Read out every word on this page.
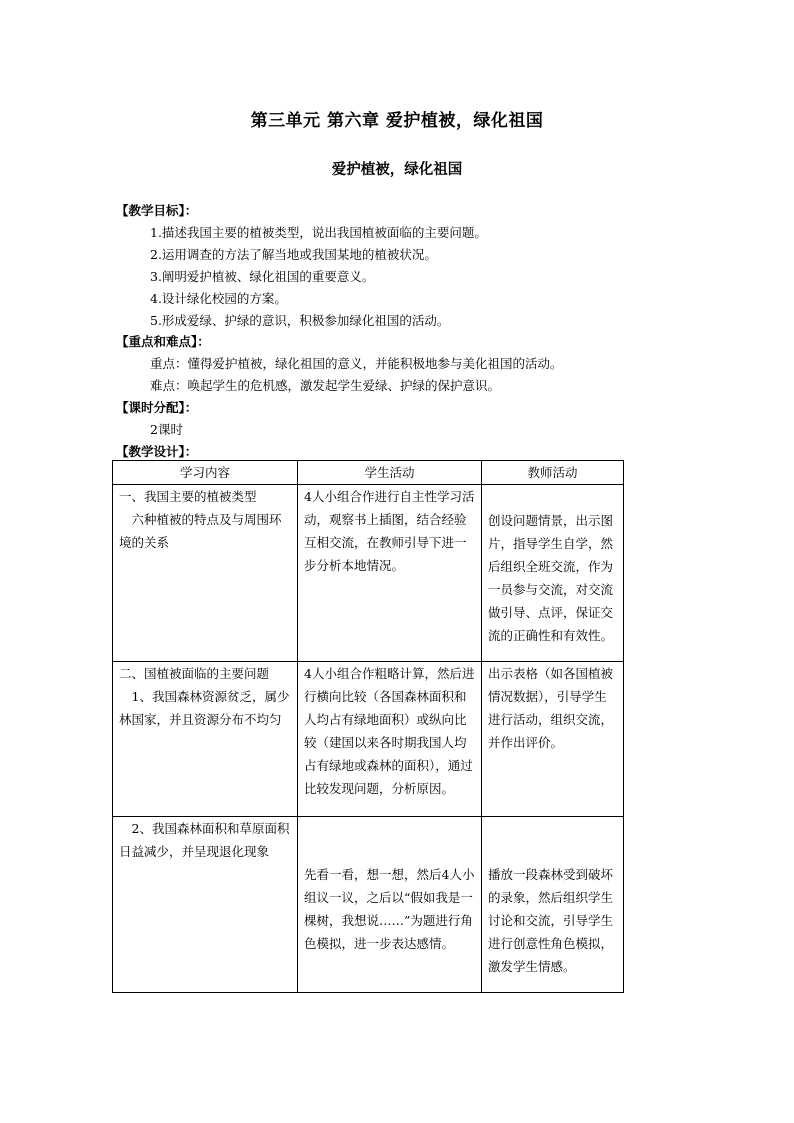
第三单元 第六章 爱护植被，绿化祖国
爱护植被，绿化祖国
【教学目标】：
1.描述我国主要的植被类型，说出我国植被面临的主要问题。
2.运用调查的方法了解当地或我国某地的植被状况。
3.阐明爱护植被、绿化祖国的重要意义。
4.设计绿化校园的方案。
5.形成爱绿、护绿的意识，积极参加绿化祖国的活动。
【重点和难点】：
重点：懂得爱护植被，绿化祖国的意义，并能积极地参与美化祖国的活动。
难点：唤起学生的危机感，激发起学生爱绿、护绿的保护意识。
【课时分配】：
2课时
【教学设计】：
学习内容	学生活动	教师活动

一、我国主要的植被类型

六种植被的特点及与周围环境的关系	4人小组合作进行自主性学习活动，观察书上插图，结合经验互相交流，在教师引导下进一步分析本地情况。	创设问题情景，出示图片，指导学生自学，然后组织全班交流，作为一员参与交流，对交流做引导、点评，保证交流的正确性和有效性。

二、国植被面临的主要问题

1、我国森林资源贫乏，属少林国家，并且资源分布不均匀	4人小组合作粗略计算，然后进行横向比较（各国森林面积和人均占有绿地面积）或纵向比较（建国以来各时期我国人均占有绿地或森林的面积），通过比较发现问题，分析原因。	出示表格（如各国植被情况数据），引导学生进行活动，组织交流，并作出评价。

2、我国森林面积和草原面积日益减少，并呈现退化现象	先看一看，想一想，然后4人小组议一议，之后以“假如我是一棵树，我想说……”为题进行角色模拟，进一步表达感情。	播放一段森林受到破坏的录象，然后组织学生讨论和交流，引导学生进行创意性角色模拟，激发学生情感。
